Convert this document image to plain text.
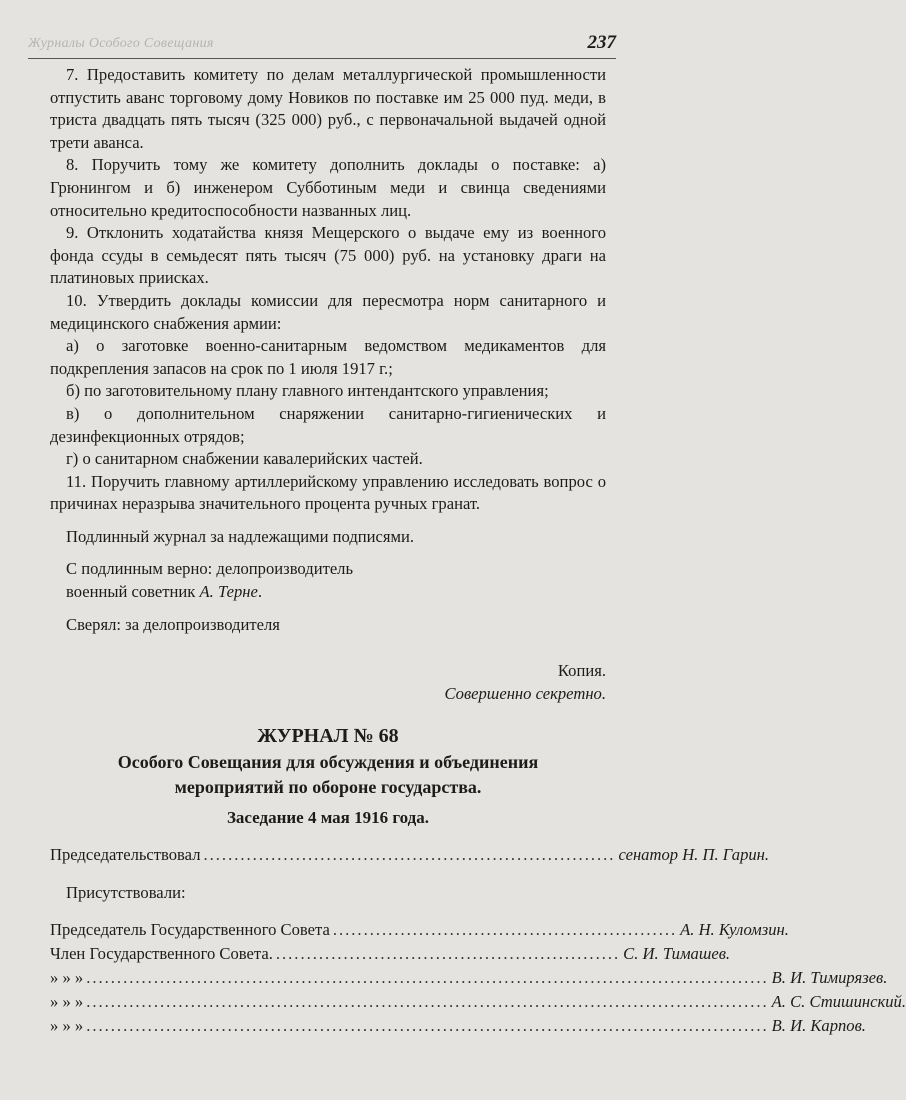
Журналы Особого Совещания	237

7. Предоставить комитету по делам металлургической промышленности отпустить аванс торговому дому Новиков по поставке им 25 000 пуд. меди, в триста двадцать пять тысяч (325 000) руб., с первоначальной выдачей одной трети аванса.

8. Поручить тому же комитету дополнить доклады о поставке: а) Грюнингом и б) инженером Субботиным меди и свинца сведениями относительно кредитоспособности названных лиц.

9. Отклонить ходатайства князя Мещерского о выдаче ему из военного фонда ссуды в семьдесят пять тысяч (75 000) руб. на установку драги на платиновых приисках.

10. Утвердить доклады комиссии для пересмотра норм санитарного и медицинского снабжения армии:

а) о заготовке военно-санитарным ведомством медикаментов для подкрепления запасов на срок по 1 июля 1917 г.;

б) по заготовительному плану главного интендантского управления;

в) о дополнительном снаряжении санитарно-гигиенических и дезинфекционных отрядов;

г) о санитарном снабжении кавалерийских частей.

11. Поручить главному артиллерийскому управлению исследовать вопрос о причинах неразрыва значительного процента ручных гранат.

Подлинный журнал за надлежащими подписями.

С подлинным верно: делопроизводитель

военный советник А. Терне.

Сверял: за делопроизводителя

Копия.

Совершенно секретно.

ЖУРНАЛ № 68

Особого Совещания для обсуждения и объединения

мероприятий по обороне государства.

Заседание 4 мая 1916 года.

Председательствовал ................................................................... сенатор Н. П. Гарин.

Присутствовали:

Председатель Государственного Совета ........................................................ А. Н. Куломзин.
Член Государственного Совета. ........................................................ С. И. Тимашев.
» » » ............................................................................................................... В. И. Тимирязев.
» » » ............................................................................................................... А. С. Стишинский.
» » » ............................................................................................................... В. И. Карпов.
